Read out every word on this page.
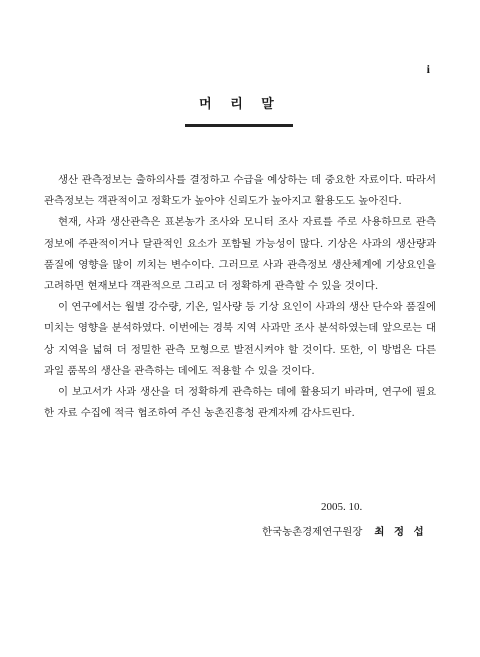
i
머 리 말

생산 관측정보는 출하의사를 결정하고 수급을 예상하는 데 중요한 자료이다. 따라서 관측정보는 객관적이고 정확도가 높아야 신뢰도가 높아지고 활용도도 높아진다.

현재, 사과 생산관측은 표본농가 조사와 모니터 조사 자료를 주로 사용하므로 관측 정보에 주관적이거나 달관적인 요소가 포함될 가능성이 많다. 기상은 사과의 생산량과 품질에 영향을 많이 끼치는 변수이다. 그러므로 사과 관측정보 생산체계에 기상요인을 고려하면 현재보다 객관적으로 그리고 더 정확하게 관측할 수 있을 것이다.

이 연구에서는 월별 강수량, 기온, 일사량 등 기상 요인이 사과의 생산 단수와 품질에 미치는 영향을 분석하였다. 이번에는 경북 지역 사과만 조사 분석하였는데 앞으로는 대상 지역을 넓혀 더 정밀한 관측 모형으로 발전시켜야 할 것이다. 또한, 이 방법은 다른 과일 품목의 생산을 관측하는 데에도 적용할 수 있을 것이다.

이 보고서가 사과 생산을 더 정확하게 관측하는 데에 활용되기 바라며, 연구에 필요한 자료 수집에 적극 협조하여 주신 농촌진흥청 관계자께 감사드린다.

2005. 10.
한국농촌경제연구원장 최 정 섭
